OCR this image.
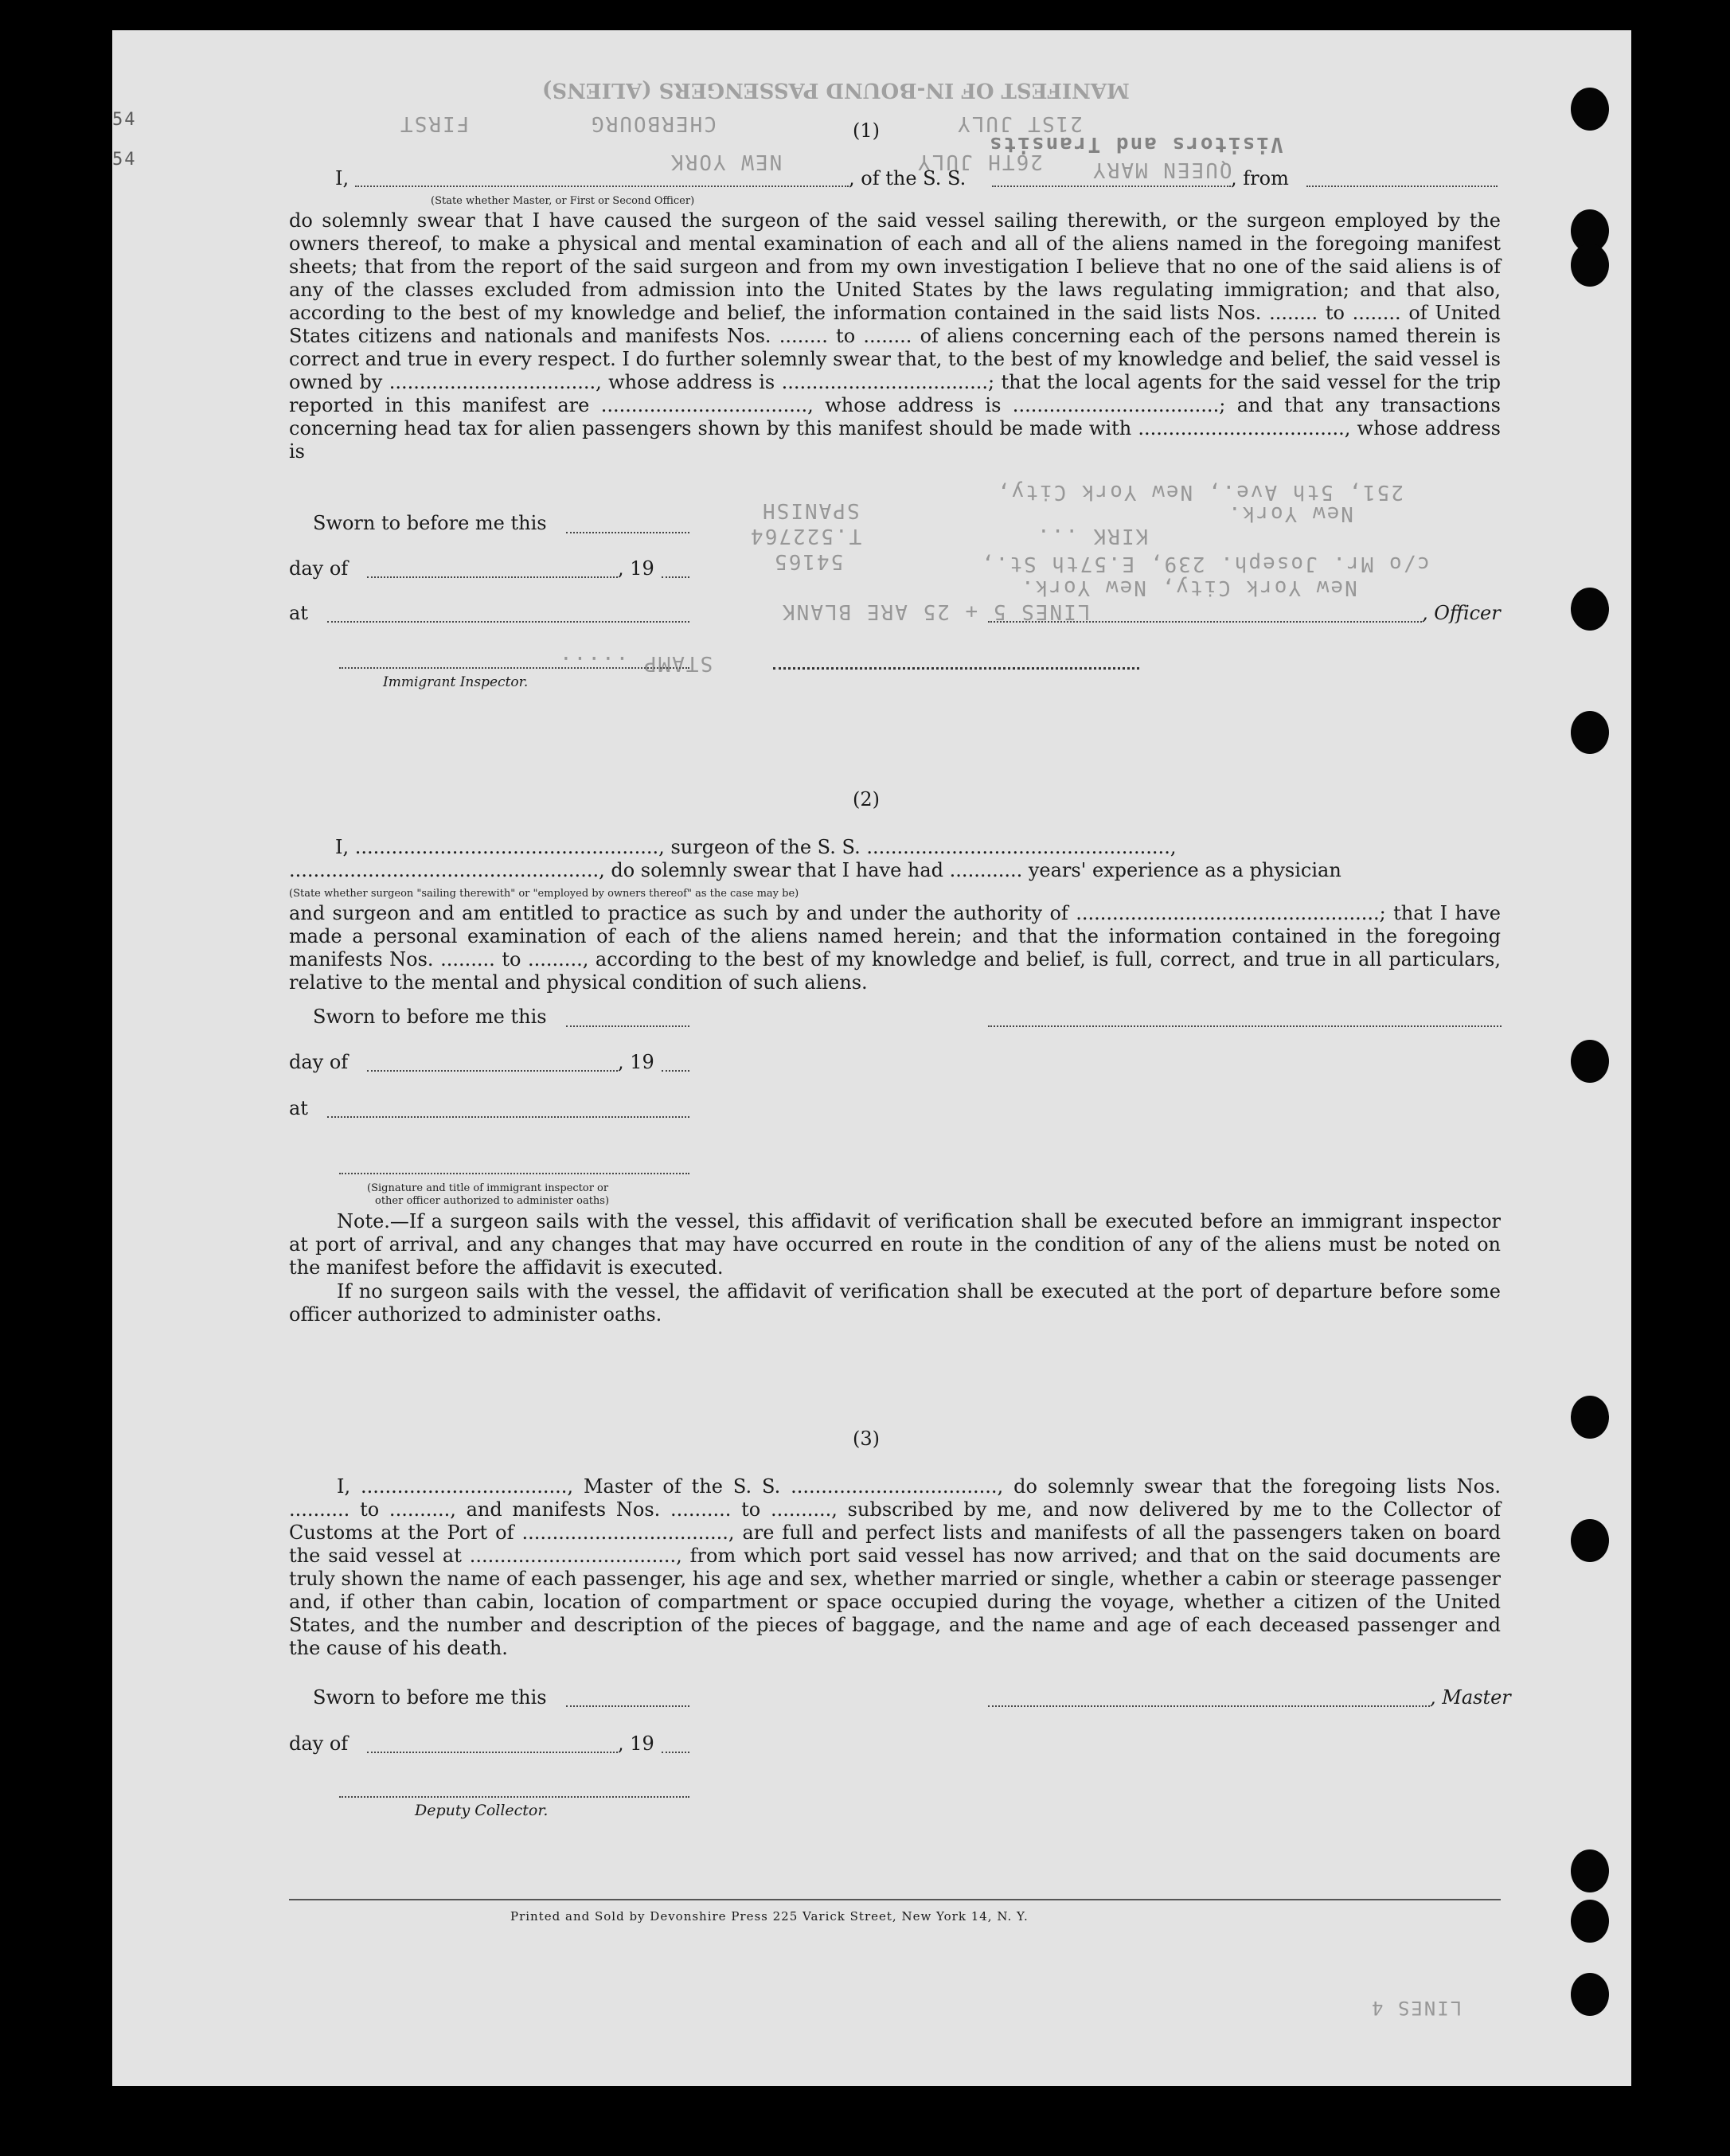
MANIFEST OF IN-BOUND PASSENGERS (ALIENS)
21ST JULY
CHERBOURG
FIRST
26TH JULY
NEW YORK
Visitors and Transits
QUEEN MARY
54
54
(1)
I,	, of the S. S.	, from
(State whether Master, or First or Second Officer)
do solemnly swear that I have caused the surgeon of the said vessel sailing therewith, or the surgeon employed by the owners thereof, to make a physical and mental examination of each and all of the aliens named in the foregoing manifest sheets; that from the report of the said surgeon and from my own investigation I believe that no one of the said aliens is of any of the classes excluded from admission into the United States by the laws regulating immigration; and that also, according to the best of my knowledge and belief, the information contained in the said lists Nos. ........ to ........ of United States citizens and nationals and manifests Nos. ........ to ........ of aliens concerning each of the persons named therein is correct and true in every respect. I do further solemnly swear that, to the best of my knowledge and belief, the said vessel is owned by .................................., whose address is ..................................; that the local agents for the said vessel for the trip reported in this manifest are .................................., whose address is ..................................; and that any transactions concerning head tax for alien passengers shown by this manifest should be made with .................................., whose address is
Sworn to before me this
day of	, 19
at	, Officer
Immigrant Inspector.
251, 5th Ave., New York City,
New York.
SPANISH
T.522764
54165
KIRK ...
c/o Mr. Joseph. 239, E.57th St.,
New York City, New York.
LINES 5 + 25 ARE BLANK
STAMP .....
(2)
I, .................................................., surgeon of the S. S. ..................................................,
..................................................., do solemnly swear that I have had ............ years' experience as a physician
(State whether surgeon "sailing therewith" or "employed by owners thereof" as the case may be)
and surgeon and am entitled to practice as such by and under the authority of ..................................................; that I have made a personal examination of each of the aliens named herein; and that the information contained in the foregoing manifests Nos. ......... to ........., according to the best of my knowledge and belief, is full, correct, and true in all particulars, relative to the mental and physical condition of such aliens.
Sworn to before me this
day of	, 19
at
(Signature and title of immigrant inspector or
other officer authorized to administer oaths)
Note.—If a surgeon sails with the vessel, this affidavit of verification shall be executed before an immigrant inspector at port of arrival, and any changes that may have occurred en route in the condition of any of the aliens must be noted on the manifest before the affidavit is executed.
If no surgeon sails with the vessel, the affidavit of verification shall be executed at the port of departure before some officer authorized to administer oaths.
(3)
I, .................................., Master of the S. S. .................................., do solemnly swear that the foregoing lists Nos. .......... to .........., and manifests Nos. .......... to .........., subscribed by me, and now delivered by me to the Collector of Customs at the Port of .................................., are full and perfect lists and manifests of all the passengers taken on board the said vessel at .................................., from which port said vessel has now arrived; and that on the said documents are truly shown the name of each passenger, his age and sex, whether married or single, whether a cabin or steerage passenger and, if other than cabin, location of compartment or space occupied during the voyage, whether a citizen of the United States, and the number and description of the pieces of baggage, and the name and age of each deceased passenger and the cause of his death.
Sworn to before me this	, Master
day of	, 19
Deputy Collector.
Printed and Sold by Devonshire Press 225 Varick Street, New York 14, N. Y.
LINES 4
